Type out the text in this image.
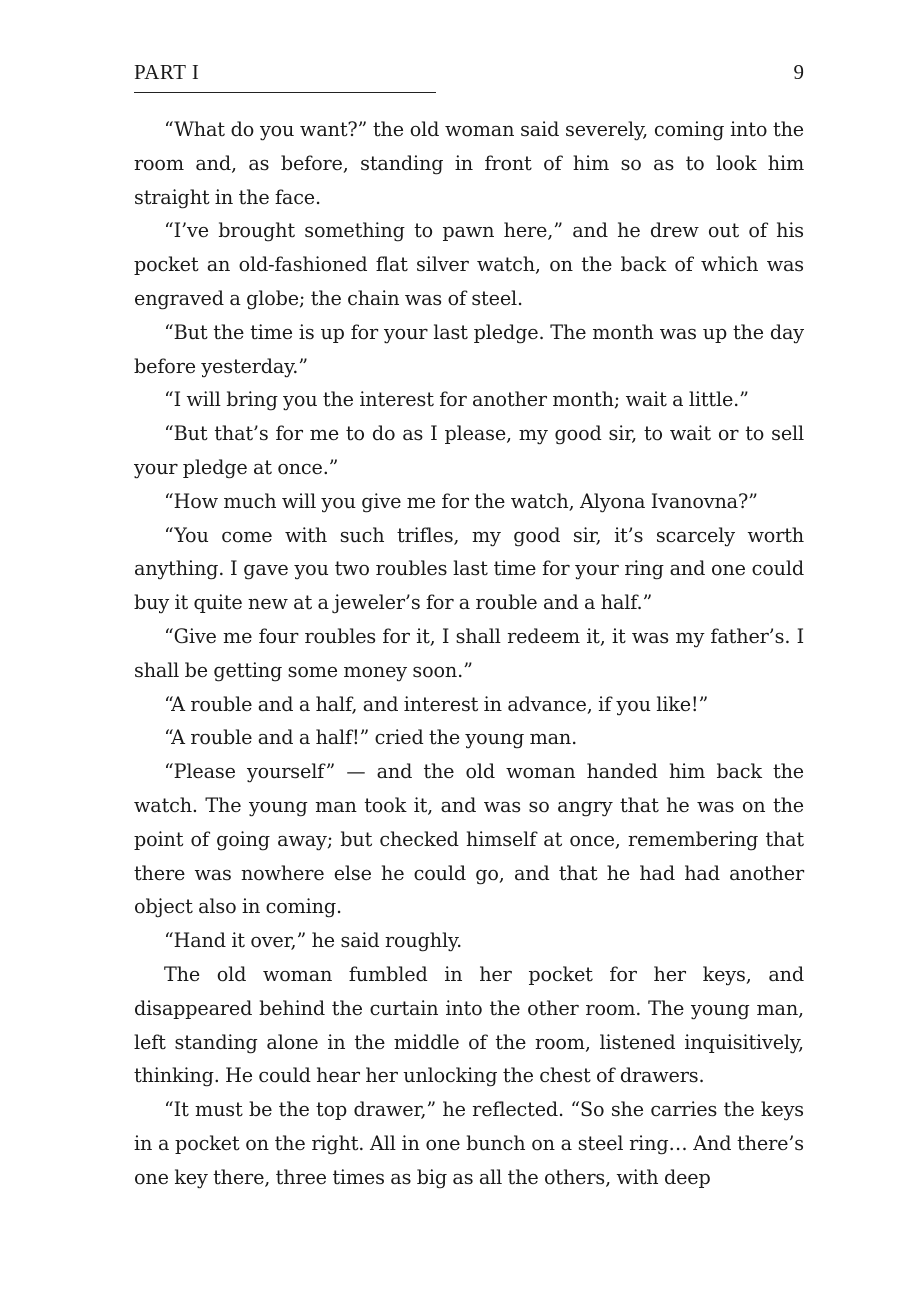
PART I	9

“What do you want?” the old woman said severely, coming into the room and, as before, standing in front of him so as to look him straight in the face.

“I’ve brought something to pawn here,” and he drew out of his pocket an old-fashioned flat silver watch, on the back of which was engraved a globe; the chain was of steel.

“But the time is up for your last pledge. The month was up the day before yesterday.”

“I will bring you the interest for another month; wait a little.”

“But that’s for me to do as I please, my good sir, to wait or to sell your pledge at once.”

“How much will you give me for the watch, Alyona Ivanovna?”

“You come with such trifles, my good sir, it’s scarcely worth anything. I gave you two roubles last time for your ring and one could buy it quite new at a jeweler’s for a rouble and a half.”

“Give me four roubles for it, I shall redeem it, it was my father’s. I shall be getting some money soon.”

“A rouble and a half, and interest in advance, if you like!”

“A rouble and a half!” cried the young man.

“Please yourself” — and the old woman handed him back the watch. The young man took it, and was so angry that he was on the point of going away; but checked himself at once, remembering that there was nowhere else he could go, and that he had had another object also in coming.

“Hand it over,” he said roughly.

The old woman fumbled in her pocket for her keys, and disappeared behind the curtain into the other room. The young man, left standing alone in the middle of the room, listened inquisitively, thinking. He could hear her unlocking the chest of drawers.

“It must be the top drawer,” he reflected. “So she carries the keys in a pocket on the right. All in one bunch on a steel ring… And there’s one key there, three times as big as all the others, with deep
